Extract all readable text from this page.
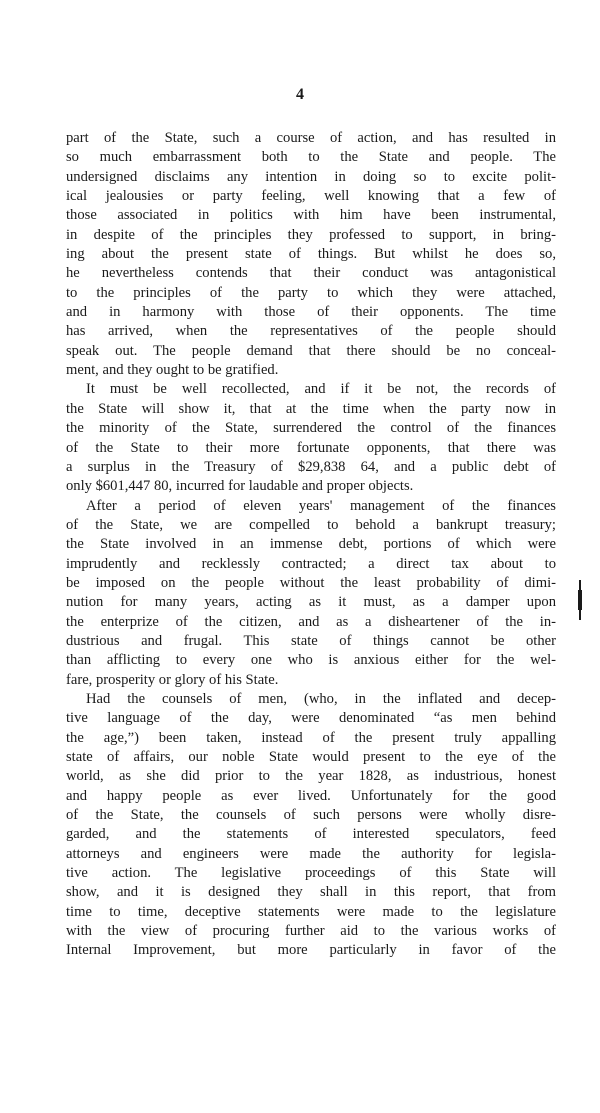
4
part of the State, such a course of action, and has resulted in
so much embarrassment both to the State and people. The
undersigned disclaims any intention in doing so to excite polit-
ical jealousies or party feeling, well knowing that a few of
those associated in politics with him have been instrumental,
in despite of the principles they professed to support, in bring-
ing about the present state of things. But whilst he does so,
he nevertheless contends that their conduct was antagonistical
to the principles of the party to which they were attached,
and in harmony with those of their opponents. The time
has arrived, when the representatives of the people should
speak out. The people demand that there should be no conceal-
ment, and they ought to be gratified.
It must be well recollected, and if it be not, the records of
the State will show it, that at the time when the party now in
the minority of the State, surrendered the control of the finances
of the State to their more fortunate opponents, that there was
a surplus in the Treasury of $29,838 64, and a public debt of
only $601,447 80, incurred for laudable and proper objects.
After a period of eleven years' management of the finances
of the State, we are compelled to behold a bankrupt treasury;
the State involved in an immense debt, portions of which were
imprudently and recklessly contracted; a direct tax about to
be imposed on the people without the least probability of dimi-
nution for many years, acting as it must, as a damper upon
the enterprize of the citizen, and as a disheartener of the in-
dustrious and frugal. This state of things cannot be other
than afflicting to every one who is anxious either for the wel-
fare, prosperity or glory of his State.
Had the counsels of men, (who, in the inflated and decep-
tive language of the day, were denominated “as men behind
the age,”) been taken, instead of the present truly appalling
state of affairs, our noble State would present to the eye of the
world, as she did prior to the year 1828, as industrious, honest
and happy people as ever lived. Unfortunately for the good
of the State, the counsels of such persons were wholly disre-
garded, and the statements of interested speculators, feed
attorneys and engineers were made the authority for legisla-
tive action. The legislative proceedings of this State will
show, and it is designed they shall in this report, that from
time to time, deceptive statements were made to the legislature
with the view of procuring further aid to the various works of
Internal Improvement, but more particularly in favor of the
